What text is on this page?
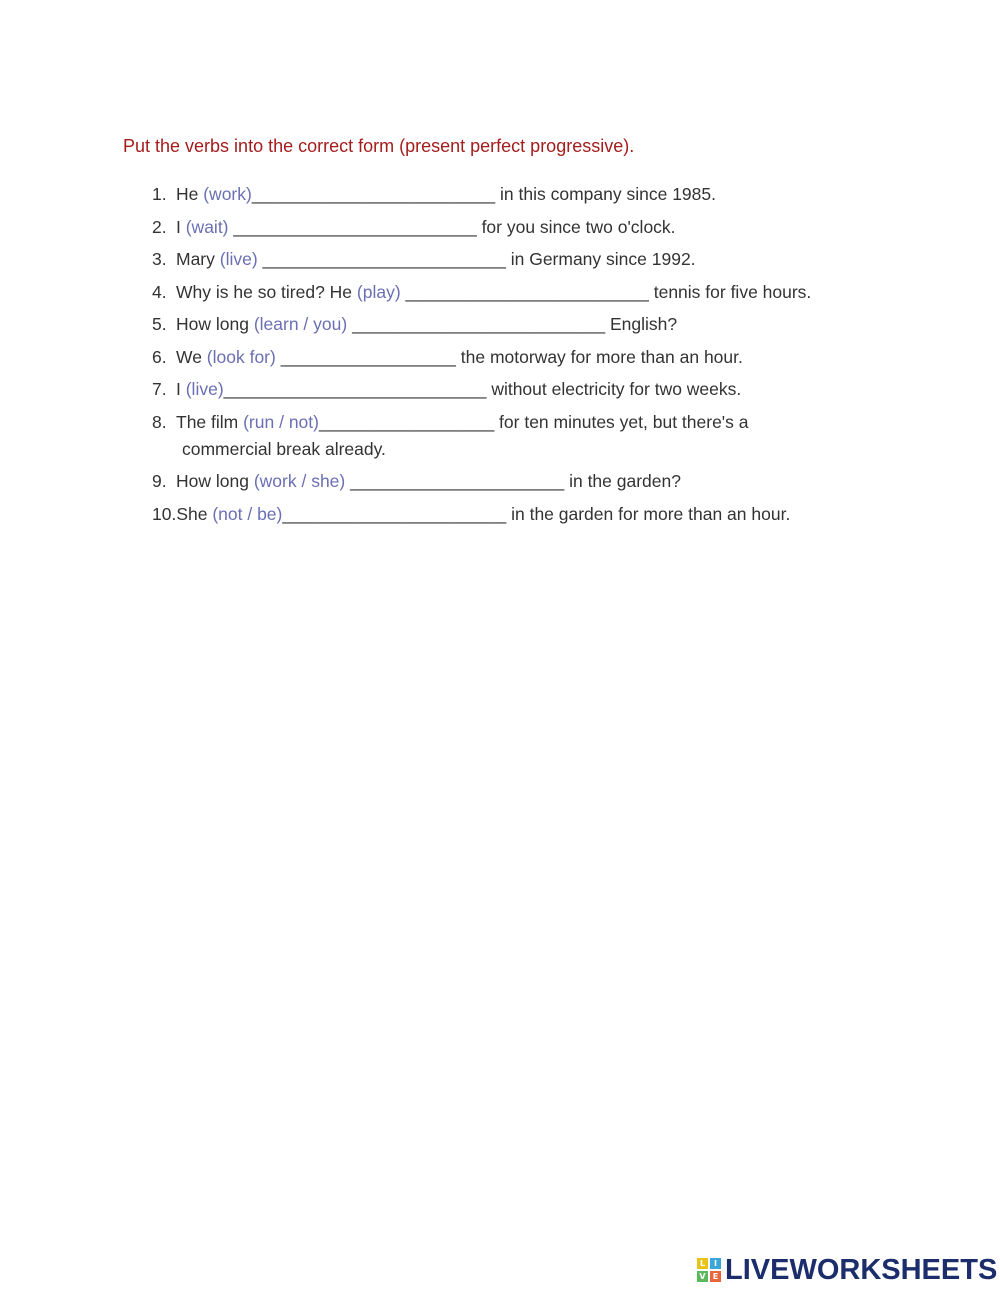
Put the verbs into the correct form (present perfect progressive).

1. He (work)_________________________ in this company since 1985.
2. I (wait) _________________________ for you since two o'clock.
3. Mary (live) _________________________ in Germany since 1992.
4. Why is he so tired? He (play) _________________________ tennis for five hours.
5. How long (learn / you) __________________________ English?
6. We (look for) __________________ the motorway for more than an hour.
7. I (live)___________________________ without electricity for two weeks.
8. The film (run / not)__________________ for ten minutes yet, but there's a
commercial break already.
9. How long (work / she) ______________________ in the garden?
10.She (not / be)_______________________ in the garden for more than an hour.
L	I
V E LIVEWORKSHEETS
